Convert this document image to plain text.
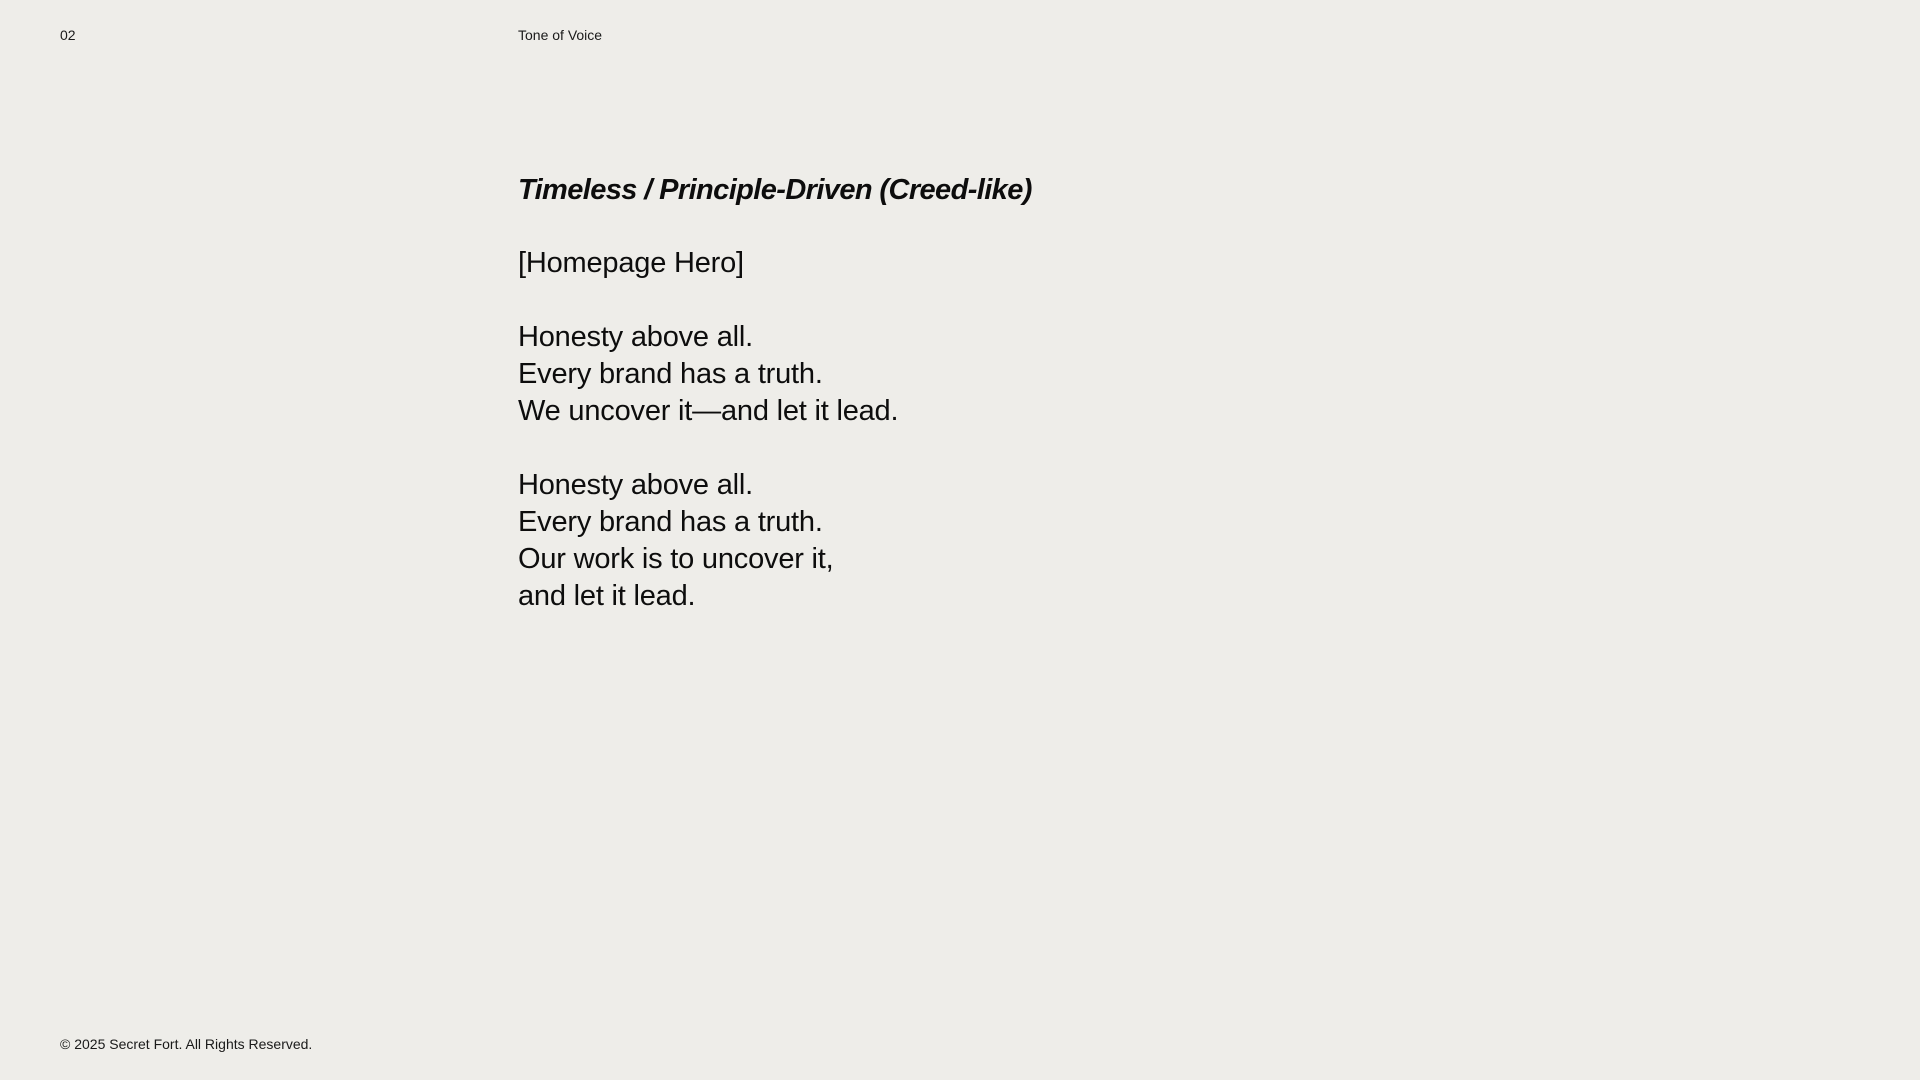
02	Tone of Voice
Timeless / Principle-Driven (Creed-like)
[Homepage Hero]
Honesty above all.
Every brand has a truth.
We uncover it—and let it lead.
Honesty above all.
Every brand has a truth.
Our work is to uncover it,
and let it lead.
© 2025 Secret Fort. All Rights Reserved.
